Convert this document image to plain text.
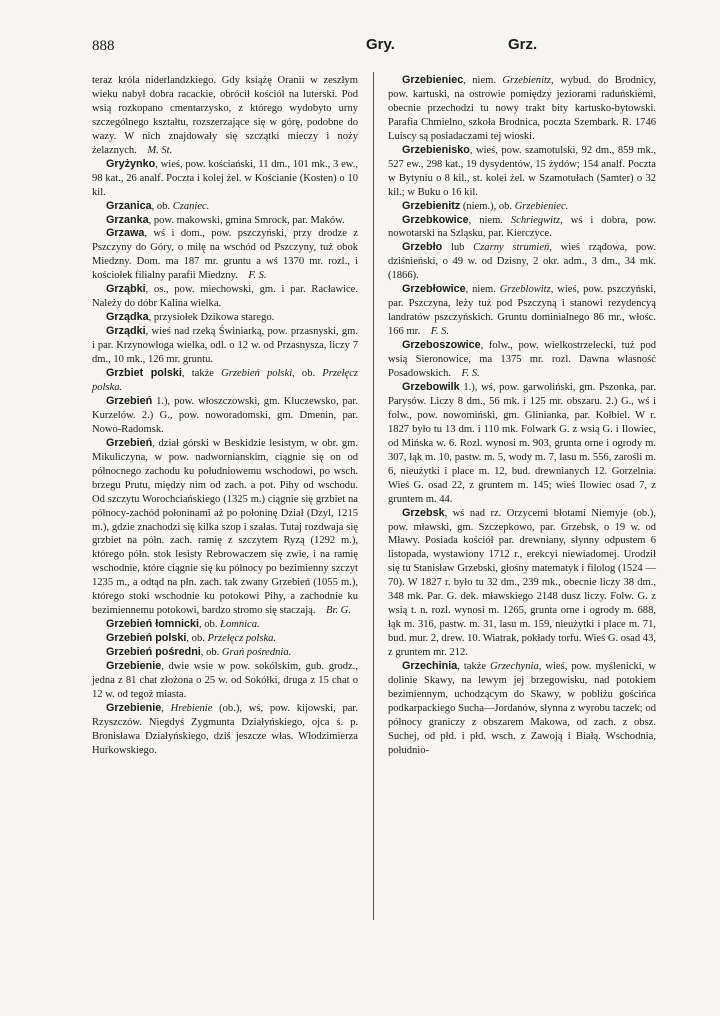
888	Gry.	Grz.

teraz króla niderlandzkiego. Gdy książę Oranii w zeszłym wieku nabył dobra racackie, obrócił kościół na luterski. Pod wsią rozkopano cmentarzysko, z którego wydobyto urny szczególnego kształtu, rozszerzające się w górę, podobne do wazy. W nich znajdowały się szczątki mieczy i noży żelaznych.  M. St.

Gryżynko, wieś, pow. kościański, 11 dm., 101 mk., 3 ew., 98 kat., 26 analf. Poczta i kolej żel. w Kościanie (Kosten) o 10 kil.

Grzanica, ob. Czaniec.

Grzanka, pow. makowski, gmina Smrock, par. Maków.

Grzawa, wś i dom., pow. pszczyński, przy drodze z Pszczyny do Góry, o milę na wschód od Pszczyny, tuż obok Miedzny. Dom. ma 187 mr. gruntu a wś 1370 mr. rozl., i kościołek filialny parafii Miedzny.  F. S.

Grząbki, os., pow. miechowski, gm. i par. Racławice. Należy do dóbr Kalina wielka.

Grządka, przysiołek Dzikowa starego.

Grządki, wieś nad rzeką Świniarką, pow. przasnyski, gm. i par. Krzynowłoga wielka, odl. o 12 w. od Przasnysza, liczy 7 dm., 10 mk., 126 mr. gruntu.

Grzbiet polski, także Grzebień polski, ob. Przełęcz polska.

Grzebień 1.), pow. włoszczowski, gm. Kluczewsko, par. Kurzelów. 2.) G., pow. noworadomski, gm. Dmenin, par. Nowo-Radomsk.

Grzebień, dział górski w Beskidzie lesistym, w obr. gm. Mikuliczyna, w pow. nadwornianskim, ciągnie się on od północnego zachodu ku południowemu wschodowi, po wsch. brzegu Prutu, między nim od zach. a pot. Pihy od wschodu. Od szczytu Worochciańskiego (1325 m.) ciągnie się grzbiet na północy-zachód połoninami aż po połoninę Dział (Dzyl, 1215 m.), gdzie znachodzi się kilka szop i szałas. Tutaj rozdwaja się grzbiet na półn. zach. ramię z szczytem Ryzą (1292 m.), którego półn. stok lesisty Rebrowaczem się zwie, i na ramię wschodnie, które ciągnie się ku północy po bezimienny szczyt 1235 m., a odtąd na płn. zach. tak zwany Grzebień (1055 m.), którego stoki wschodnie ku potokowi Pihy, a zachodnie ku bezimiennemu potokowi, bardzo stromo się staczają.  Br. G.

Grzebień łomnicki, ob. Łomnica.

Grzebień polski, ob. Przełęcz polska.

Grzebień pośredni, ob. Grań pośrednia.

Grzebienie, dwie wsie w pow. sokólskim, gub. grodz., jedna z 81 chat złożona o 25 w. od Sokółki, druga z 15 chat o 12 w. od tegoż miasta.

Grzebienie, Hrebienie (ob.), wś, pow. kijowski, par. Rzyszczów. Niegdyś Zygmunta Działyńskiego, ojca ś. p. Bronisława Działyńskiego, dziś jeszcze włas. Włodzimierza Hurkowskiego.

Grzebieniec, niem. Grzebienitz, wybud. do Brodnicy, pow. kartuski, na ostrowie pomiędzy jeziorami raduńskiemi, obecnie przechodzi tu nowy trakt bity kartusko-bytowski. Parafia Chmielno, szkoła Brodnica, poczta Szembark. R. 1746 Luiscy są posiadaczami tej wioski.

Grzebienisko, wieś, pow. szamotulski, 92 dm., 859 mk., 527 ew., 298 kat., 19 dysydentów, 15 żydów; 154 analf. Poczta w Bytyniu o 8 kil., st. kolei żel. w Szamotułach (Samter) o 32 kil.; w Buku o 16 kil.

Grzebienitz (niem.), ob. Grzebieniec.

Grzebkowice, niem. Schriegwitz, wś i dobra, pow. nowotarski na Szląsku, par. Kierczyce.

Grzebło lub Czarny strumień, wieś rządowa, pow. dziśnieński, o 49 w. od Dzisny, 2 okr. adm., 3 dm., 34 mk. (1866).

Grzebłowice, niem. Grzeblowitz, wieś, pow. pszczyński, par. Pszczyna, leży tuż pod Pszczyną i stanowi rezydencyą landratów pszczyńskich. Gruntu dominialnego 86 mr., włośc. 166 mr.  F. S.

Grzeboszowice, folw., pow. wielkostrzelecki, tuż pod wsią Sieronowice, ma 1375 mr. rozl. Dawna własność Posadowskich.  F. S.

Grzebowilk 1.), wś, pow. garwoliński, gm. Pszonka, par. Parysów. Liczy 8 dm., 56 mk. i 125 mr. obszaru. 2.) G., wś i folw., pow. nowomiński, gm. Glinianka, par. Kołbiel. W r. 1827 było tu 13 dm. i 110 mk. Folwark G. z wsią G. i Ilowiec, od Mińska w. 6. Rozl. wynosi m. 903, grunta orne i ogrody m. 307, łąk m. 10, pastw. m. 5, wody m. 7, lasu m. 556, zarośli m. 6, nieużytki i place m. 12, bud. drewnianych 12. Gorzelnia. Wieś G. osad 22, z gruntem m. 145; wieś Ilowiec osad 7, z gruntem m. 44.

Grzebsk, wś nad rz. Orzycemi błotami Niemyje (ob.), pow. mławski, gm. Szczepkowo, par. Grzebsk, o 19 w. od Mławy. Posiada kościół par. drewniany, słynny odpustem 6 listopada, wystawiony 1712 r., erekcyi niewiadomej. Urodził się tu Stanisław Grzebski, głośny matematyk i filolog (1524 — 70). W 1827 r. było tu 32 dm., 239 mk., obecnie liczy 38 dm., 348 mk. Par. G. dek. mławskiego 2148 dusz liczy. Folw. G. z wsią t. n. rozl. wynosi m. 1265, grunta orne i ogrody m. 688, łąk m. 316, pastw. m. 31, lasu m. 159, nieużytki i place m. 71, bud. mur. 2, drew. 10. Wiatrak, pokłady torfu. Wieś G. osad 43, z gruntem mr. 212.

Grzechinia, także Grzechynia, wieś, pow. myślenicki, w dolinie Skawy, na lewym jej brzegowisku, nad potokiem bezimiennym, uchodzącym do Skawy, w pobliżu gościńca podkarpackiego Sucha—Jordanów, słynna z wyrobu taczek; od północy graniczy z obszarem Makowa, od zach. z obsz. Suchej, od płd. i płd. wsch. z Zawoją i Białą. Wschodnia, południo-
